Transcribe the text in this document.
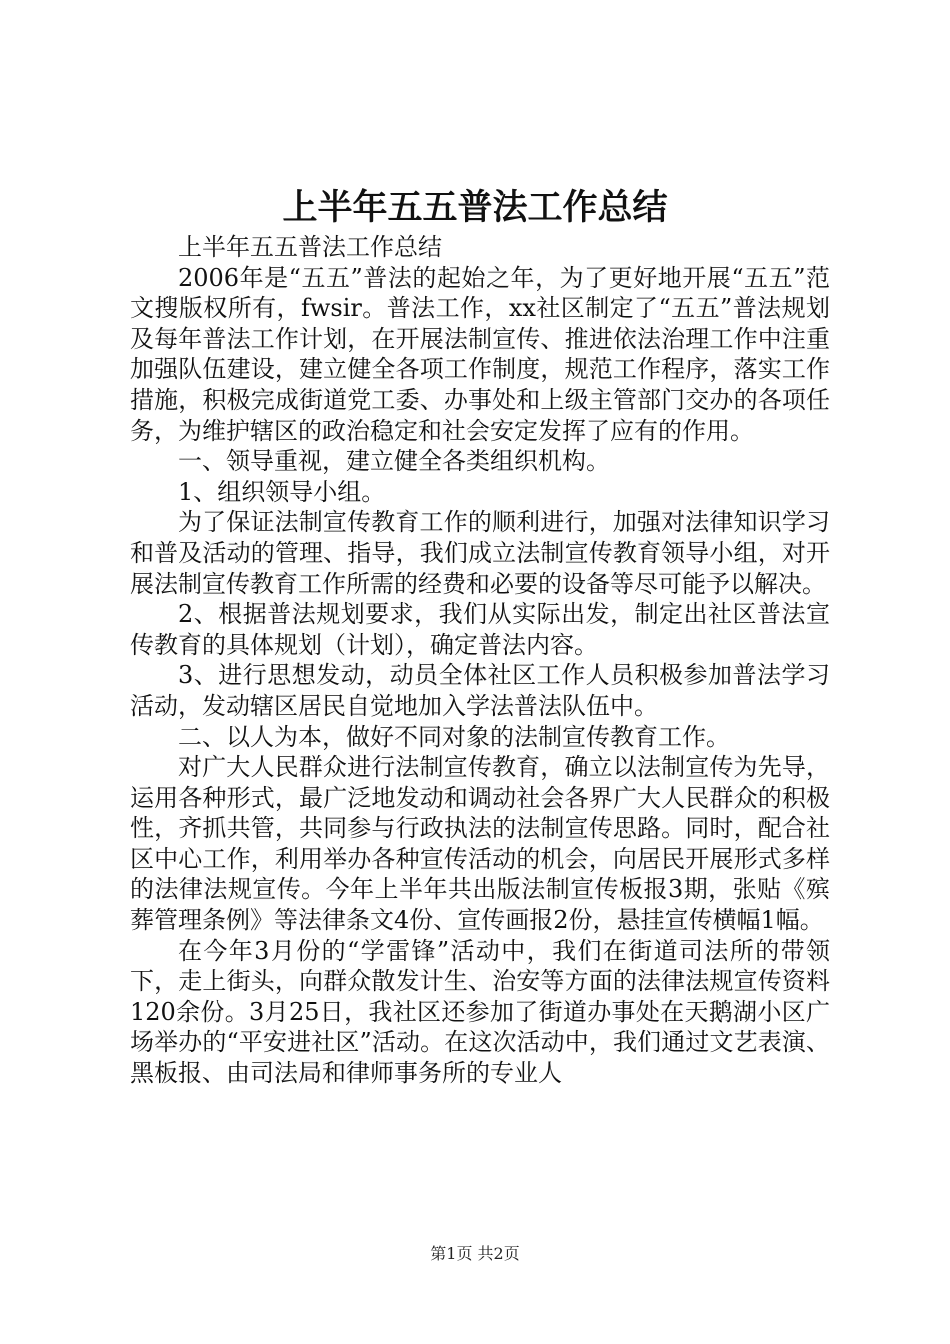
上半年五五普法工作总结

上半年五五普法工作总结

2006年是“五五”普法的起始之年，为了更好地开展“五五”范文搜版权所有，fwsir。普法工作，xx社区制定了“五五”普法规划及每年普法工作计划，在开展法制宣传、推进依法治理工作中注重加强队伍建设，建立健全各项工作制度，规范工作程序，落实工作措施，积极完成街道党工委、办事处和上级主管部门交办的各项任务，为维护辖区的政治稳定和社会安定发挥了应有的作用。

一、领导重视，建立健全各类组织机构。

1、组织领导小组。

为了保证法制宣传教育工作的顺利进行，加强对法律知识学习和普及活动的管理、指导，我们成立法制宣传教育领导小组，对开展法制宣传教育工作所需的经费和必要的设备等尽可能予以解决。

2、根据普法规划要求，我们从实际出发，制定出社区普法宣传教育的具体规划（计划），确定普法内容。

3、进行思想发动，动员全体社区工作人员积极参加普法学习活动，发动辖区居民自觉地加入学法普法队伍中。

二、以人为本，做好不同对象的法制宣传教育工作。

对广大人民群众进行法制宣传教育，确立以法制宣传为先导，运用各种形式，最广泛地发动和调动社会各界广大人民群众的积极性，齐抓共管，共同参与行政执法的法制宣传思路。同时，配合社区中心工作，利用举办各种宣传活动的机会，向居民开展形式多样的法律法规宣传。今年上半年共出版法制宣传板报3期，张贴《殡葬管理条例》等法律条文4份、宣传画报2份，悬挂宣传横幅1幅。

在今年3月份的“学雷锋”活动中，我们在街道司法所的带领下，走上街头，向群众散发计生、治安等方面的法律法规宣传资料120余份。3月25日，我社区还参加了街道办事处在天鹅湖小区广场举办的“平安进社区”活动。在这次活动中，我们通过文艺表演、黑板报、由司法局和律师事务所的专业人

第1页 共2页
